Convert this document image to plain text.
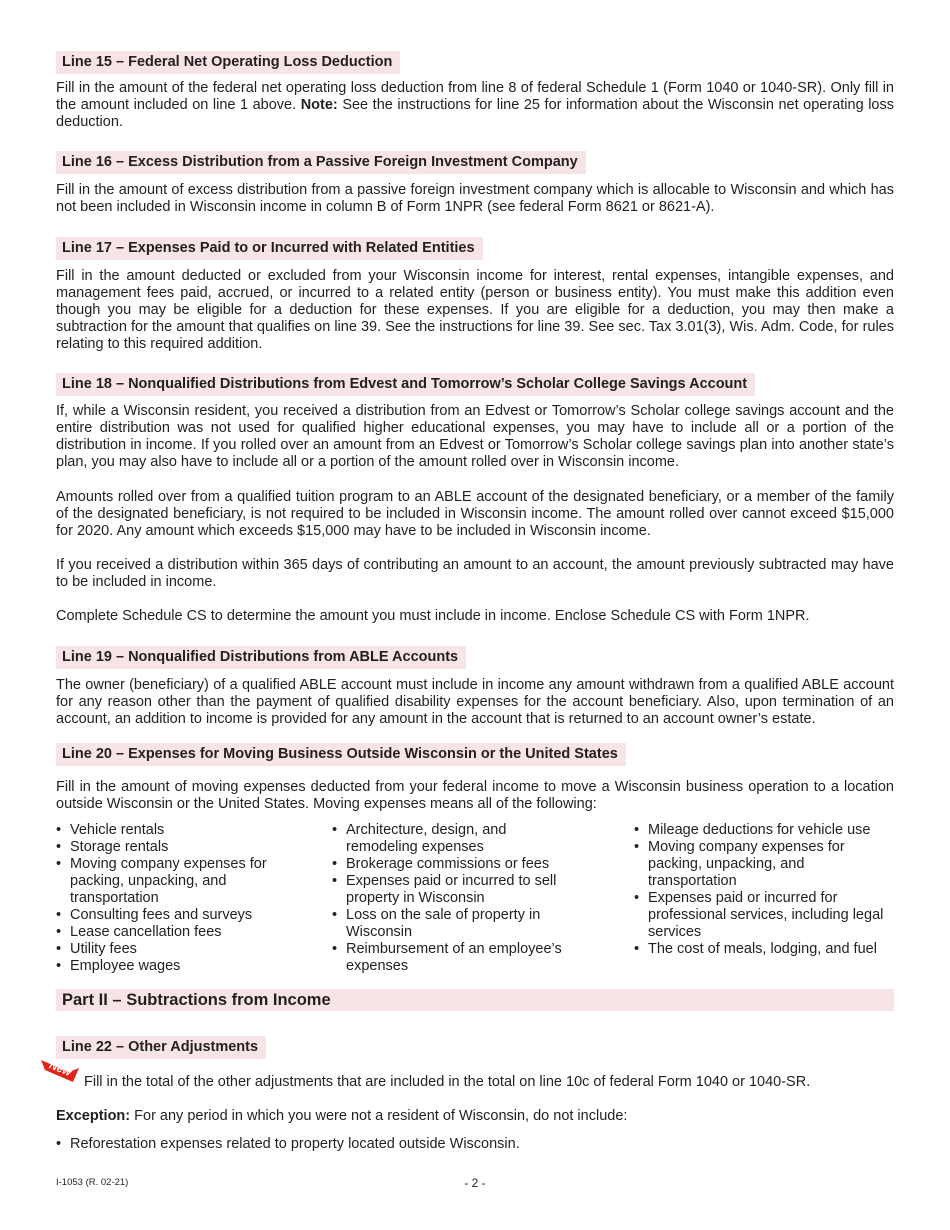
Line 15 – Federal Net Operating Loss Deduction
Fill in the amount of the federal net operating loss deduction from line 8 of federal Schedule 1 (Form 1040 or 1040-SR). Only fill in the amount included on line 1 above. Note: See the instructions for line 25 for information about the Wisconsin net operating loss deduction.
Line 16 – Excess Distribution from a Passive Foreign Investment Company
Fill in the amount of excess distribution from a passive foreign investment company which is allocable to Wisconsin and which has not been included in Wisconsin income in column B of Form 1NPR (see federal Form 8621 or 8621-A).
Line 17 – Expenses Paid to or Incurred with Related Entities
Fill in the amount deducted or excluded from your Wisconsin income for interest, rental expenses, intangible expenses, and management fees paid, accrued, or incurred to a related entity (person or business entity). You must make this addition even though you may be eligible for a deduction for these expenses. If you are eligible for a deduction, you may then make a subtraction for the amount that qualifies on line 39. See the instructions for line 39. See sec. Tax 3.01(3), Wis. Adm. Code, for rules relating to this required addition.
Line 18 – Nonqualified Distributions from Edvest and Tomorrow’s Scholar College Savings Account
If, while a Wisconsin resident, you received a distribution from an Edvest or Tomorrow’s Scholar college savings account and the entire distribution was not used for qualified higher educational expenses, you may have to include all or a portion of the distribution in income. If you rolled over an amount from an Edvest or Tomorrow’s Scholar college savings plan into another state’s plan, you may also have to include all or a portion of the amount rolled over in Wisconsin income.
Amounts rolled over from a qualified tuition program to an ABLE account of the designated beneficiary, or a member of the family of the designated beneficiary, is not required to be included in Wisconsin income. The amount rolled over cannot exceed $15,000 for 2020. Any amount which exceeds $15,000 may have to be included in Wisconsin income.
If you received a distribution within 365 days of contributing an amount to an account, the amount previously subtracted may have to be included in income.
Complete Schedule CS to determine the amount you must include in income. Enclose Schedule CS with Form 1NPR.
Line 19 – Nonqualified Distributions from ABLE Accounts
The owner (beneficiary) of a qualified ABLE account must include in income any amount withdrawn from a qualified ABLE account for any reason other than the payment of qualified disability expenses for the account beneficiary. Also, upon termination of an account, an addition to income is provided for any amount in the account that is returned to an account owner’s estate.
Line 20 – Expenses for Moving Business Outside Wisconsin or the United States
Fill in the amount of moving expenses deducted from your federal income to move a Wisconsin business operation to a location outside Wisconsin or the United States. Moving expenses means all of the following:
• Vehicle rentals
• Storage rentals
• Moving company expenses for packing, unpacking, and transportation
• Consulting fees and surveys
• Lease cancellation fees
• Utility fees
• Employee wages
• Architecture, design, and remodeling expenses
• Brokerage commissions or fees
• Expenses paid or incurred to sell property in Wisconsin
• Loss on the sale of property in Wisconsin
• Reimbursement of an employee’s expenses
• Mileage deductions for vehicle use
• Moving company expenses for packing, unpacking, and transportation
• Expenses paid or incurred for professional services, including legal services
• The cost of meals, lodging, and fuel
Part II – Subtractions from Income
Line 22 – Other Adjustments
Fill in the total of the other adjustments that are included in the total on line 10c of federal Form 1040 or 1040-SR.
Exception: For any period in which you were not a resident of Wisconsin, do not include:
• Reforestation expenses related to property located outside Wisconsin.
New
I-1053 (R. 02-21)	- 2 -
